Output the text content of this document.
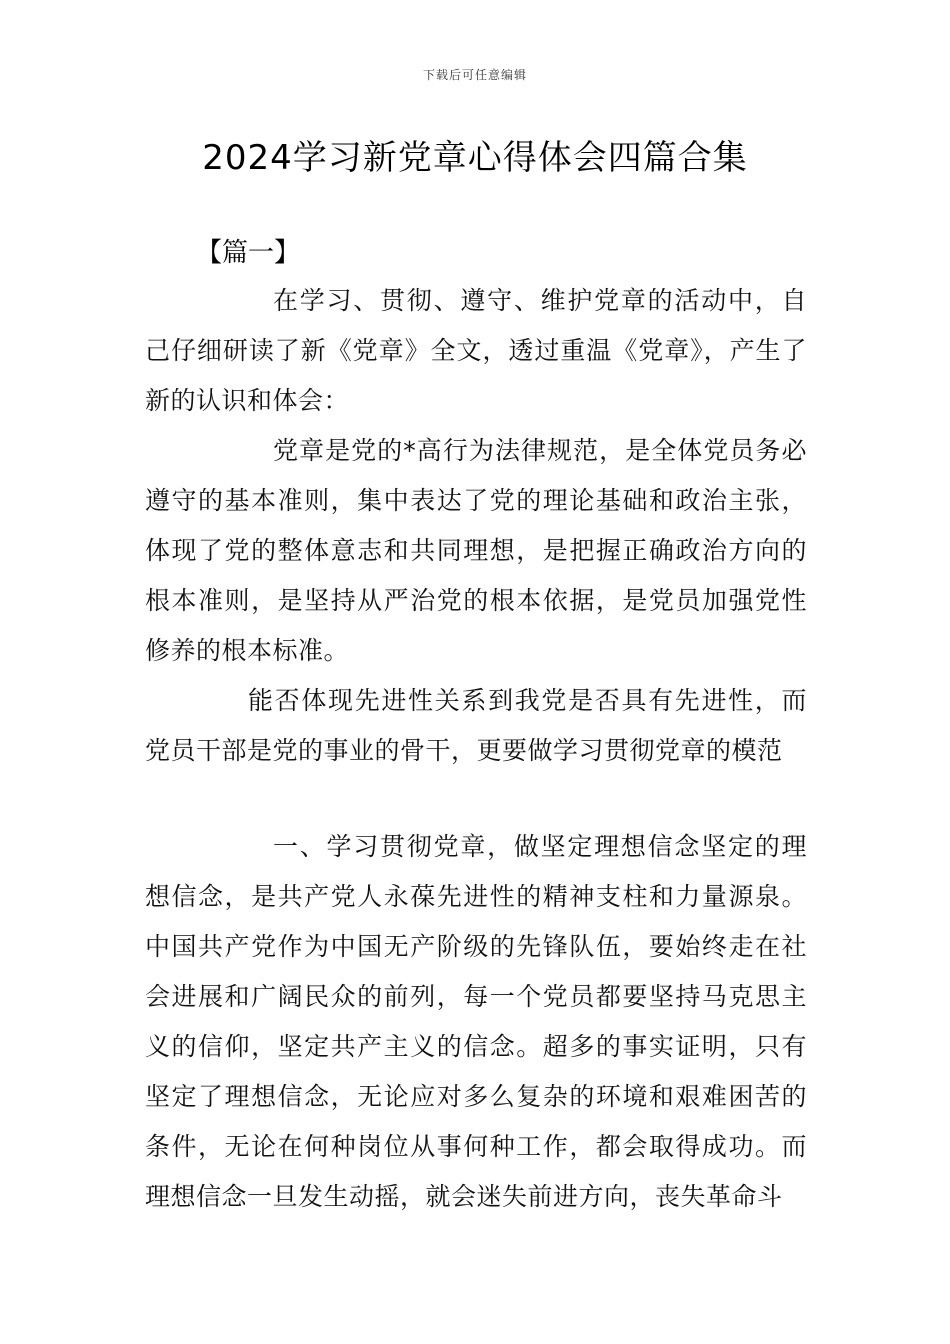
下载后可任意编辑
2024学习新党章心得体会四篇合集
【篇一】

在学习、贯彻、遵守、维护党章的活动中，自己仔细研读了新《党章》全文，透过重温《党章》，产生了新的认识和体会：

党章是党的*高行为法律规范，是全体党员务必遵守的基本准则，集中表达了党的理论基础和政治主张，体现了党的整体意志和共同理想，是把握正确政治方向的根本准则，是坚持从严治党的根本依据，是党员加强党性修养的根本标准。

能否体现先进性关系到我党是否具有先进性，而党员干部是党的事业的骨干，更要做学习贯彻党章的模范

一、学习贯彻党章，做坚定理想信念坚定的理想信念，是共产党人永葆先进性的精神支柱和力量源泉。中国共产党作为中国无产阶级的先锋队伍，要始终走在社会进展和广阔民众的前列，每一个党员都要坚持马克思主义的信仰，坚定共产主义的信念。超多的事实证明，只有坚定了理想信念，无论应对多么复杂的环境和艰难困苦的条件，无论在何种岗位从事何种工作，都会取得成功。而理想信念一旦发生动摇，就会迷失前进方向，丧失革命斗
